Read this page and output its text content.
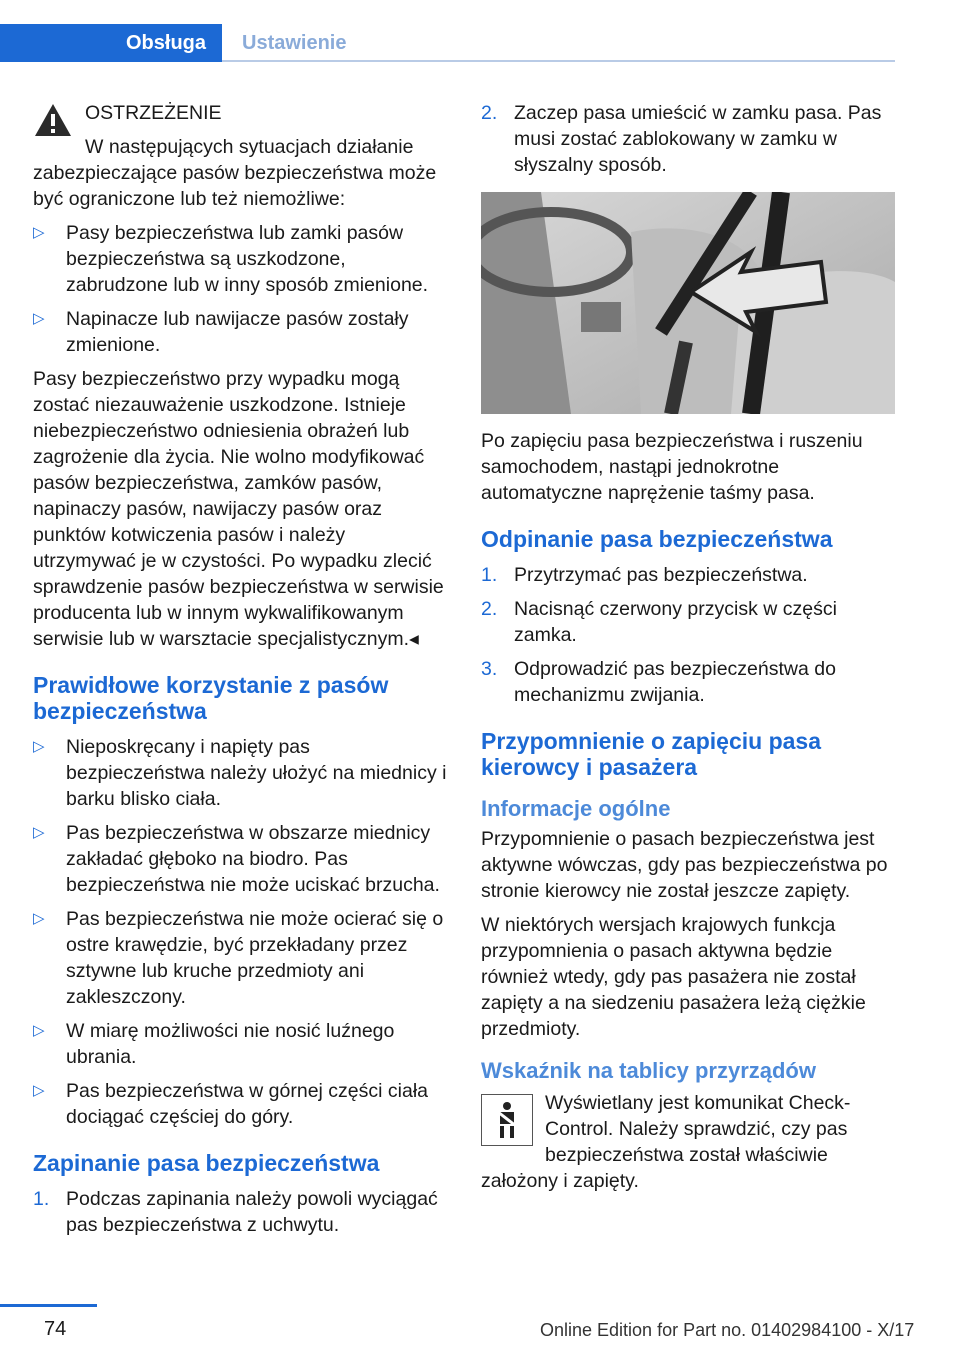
Obsługa	Ustawienie

OSTRZEŻENIE

W następujących sytuacjach działanie zabezpieczające pasów bezpieczeństwa może być ograniczone lub też niemożliwe:

▷ Pasy bezpieczeństwa lub zamki pasów bezpieczeństwa są uszkodzone, zabrudzone lub w inny sposób zmienione.
▷ Napinacze lub nawijacze pasów zostały zmienione.

Pasy bezpieczeństwo przy wypadku mogą zostać niezauważenie uszkodzone. Istnieje niebezpieczeństwo odniesienia obrażeń lub zagrożenie dla życia. Nie wolno modyfikować pasów bezpieczeństwa, zamków pasów, napinaczy pasów, nawijaczy pasów oraz punktów kotwiczenia pasów i należy utrzymywać je w czystości. Po wypadku zlecić sprawdzenie pasów bezpieczeństwa w serwisie producenta lub w innym wykwalifikowanym serwisie lub w warsztacie specjalistycznym.◂

Prawidłowe korzystanie z pasów bezpieczeństwa
▷ Nieposkręcany i napięty pas bezpieczeństwa należy ułożyć na miednicy i barku blisko ciała.
▷ Pas bezpieczeństwa w obszarze miednicy zakładać głęboko na biodro. Pas bezpieczeństwa nie może uciskać brzucha.
▷ Pas bezpieczeństwa nie może ocierać się o ostre krawędzie, być przekładany przez sztywne lub kruche przedmioty ani zakleszczony.
▷ W miarę możliwości nie nosić luźnego ubrania.
▷ Pas bezpieczeństwa w górnej części ciała dociągać częściej do góry.
Zapinanie pasa bezpieczeństwa
1. Podczas zapinania należy powoli wyciągać pas bezpieczeństwa z uchwytu.
2. Zaczep pasa umieścić w zamku pasa. Pas musi zostać zablokowany w zamku w słyszalny sposób.

Po zapięciu pasa bezpieczeństwa i ruszeniu samochodem, nastąpi jednokrotne automatyczne naprężenie taśmy pasa.

Odpinanie pasa bezpieczeństwa
1. Przytrzymać pas bezpieczeństwa.
2. Nacisnąć czerwony przycisk w części zamka.
3. Odprowadzić pas bezpieczeństwa do mechanizmu zwijania.
Przypomnienie o zapięciu pasa kierowcy i pasażera
Informacje ogólne

Przypomnienie o pasach bezpieczeństwa jest aktywne wówczas, gdy pas bezpieczeństwa po stronie kierowcy nie został jeszcze zapięty.

W niektórych wersjach krajowych funkcja przypomnienia o pasach aktywna będzie również wtedy, gdy pas pasażera nie został zapięty a na siedzeniu pasażera leżą ciężkie przedmioty.

Wskaźnik na tablicy przyrządów

Wyświetlany jest komunikat Check-Control. Należy sprawdzić, czy pas bezpieczeństwa został właściwie założony i zapięty.

74	Online Edition for Part no. 01402984100 - X/17
